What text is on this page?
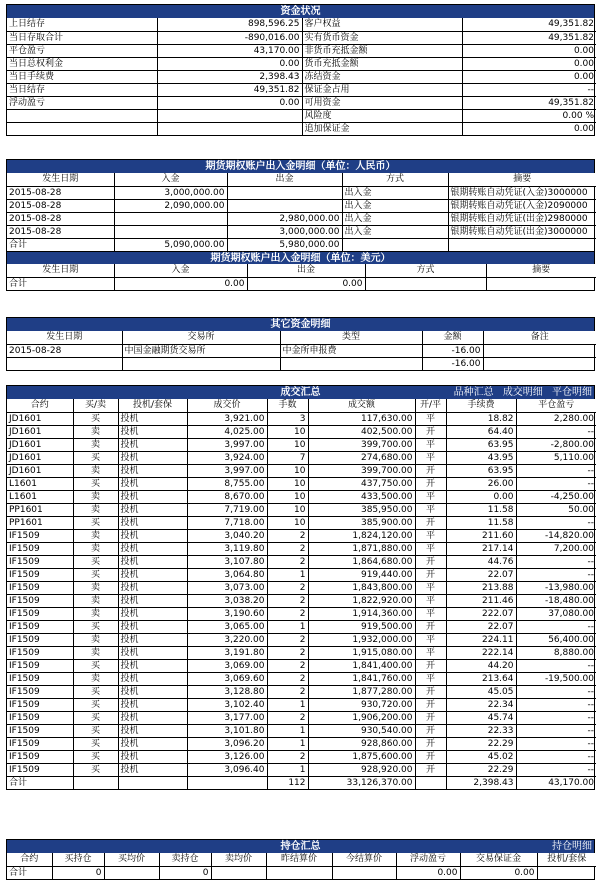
资金状况
上日结存	898,596.25	客户权益	49,351.82
当日存取合计	-890,016.00	实有货币资金	49,351.82
平仓盈亏	43,170.00	非货币充抵金额	0.00
当日总权利金	0.00	货币充抵金额	0.00
当日手续费	2,398.43	冻结资金	0.00
当日结存	49,351.82	保证金占用	--
浮动盈亏	0.00	可用资金	49,351.82
		风险度	0.00 %
		追加保证金	0.00
期货期权账户出入金明细（单位：人民币）
发生日期	入金	出金	方式	摘要
2015-08-28	3,000,000.00		出入金	银期转账自动凭证(入金)3000000
2015-08-28	2,090,000.00		出入金	银期转账自动凭证(入金)2090000
2015-08-28		2,980,000.00	出入金	银期转账自动凭证(出金)2980000
2015-08-28		3,000,000.00	出入金	银期转账自动凭证(出金)3000000
合计	5,090,000.00	5,980,000.00		
期货期权账户出入金明细（单位：美元）
发生日期	入金	出金	方式	摘要
合计	0.00	0.00		
其它资金明细
发生日期	交易所	类型	金额	备注
2015-08-28	中国金融期货交易所	中金所申报费	-16.00	
			-16.00	
成交汇总	品种汇总 成交明细 平仓明细
合约	买/卖	投机/套保	成交价	手数	成交额	开/平	手续费	平仓盈亏
JD1601	买	投机	3,921.00	3	117,630.00	平	18.82	2,280.00
JD1601	卖	投机	4,025.00	10	402,500.00	开	64.40	--
JD1601	卖	投机	3,997.00	10	399,700.00	平	63.95	-2,800.00
JD1601	买	投机	3,924.00	7	274,680.00	平	43.95	5,110.00
JD1601	卖	投机	3,997.00	10	399,700.00	开	63.95	--
L1601	买	投机	8,755.00	10	437,750.00	开	26.00	--
L1601	卖	投机	8,670.00	10	433,500.00	平	0.00	-4,250.00
PP1601	卖	投机	7,719.00	10	385,950.00	平	11.58	50.00
PP1601	买	投机	7,718.00	10	385,900.00	开	11.58	--
IF1509	卖	投机	3,040.20	2	1,824,120.00	平	211.60	-14,820.00
IF1509	卖	投机	3,119.80	2	1,871,880.00	平	217.14	7,200.00
IF1509	买	投机	3,107.80	2	1,864,680.00	开	44.76	--
IF1509	买	投机	3,064.80	1	919,440.00	开	22.07	--
IF1509	卖	投机	3,073.00	2	1,843,800.00	平	213.88	-13,980.00
IF1509	卖	投机	3,038.20	2	1,822,920.00	平	211.46	-18,480.00
IF1509	卖	投机	3,190.60	2	1,914,360.00	平	222.07	37,080.00
IF1509	买	投机	3,065.00	1	919,500.00	开	22.07	--
IF1509	卖	投机	3,220.00	2	1,932,000.00	平	224.11	56,400.00
IF1509	卖	投机	3,191.80	2	1,915,080.00	平	222.14	8,880.00
IF1509	买	投机	3,069.00	2	1,841,400.00	开	44.20	--
IF1509	卖	投机	3,069.60	2	1,841,760.00	平	213.64	-19,500.00
IF1509	买	投机	3,128.80	2	1,877,280.00	开	45.05	--
IF1509	买	投机	3,102.40	1	930,720.00	开	22.34	--
IF1509	买	投机	3,177.00	2	1,906,200.00	开	45.74	--
IF1509	买	投机	3,101.80	1	930,540.00	开	22.33	--
IF1509	买	投机	3,096.20	1	928,860.00	开	22.29	--
IF1509	买	投机	3,126.00	2	1,875,600.00	开	45.02	--
IF1509	买	投机	3,096.40	1	928,920.00	开	22.29	--
合计				112	33,126,370.00		2,398.43	43,170.00
持仓汇总	持仓明细
合约	买持仓	买均价	卖持仓	卖均价	昨结算价	今结算价	浮动盈亏	交易保证金	投机/套保
合计	0		0				0.00	0.00	
